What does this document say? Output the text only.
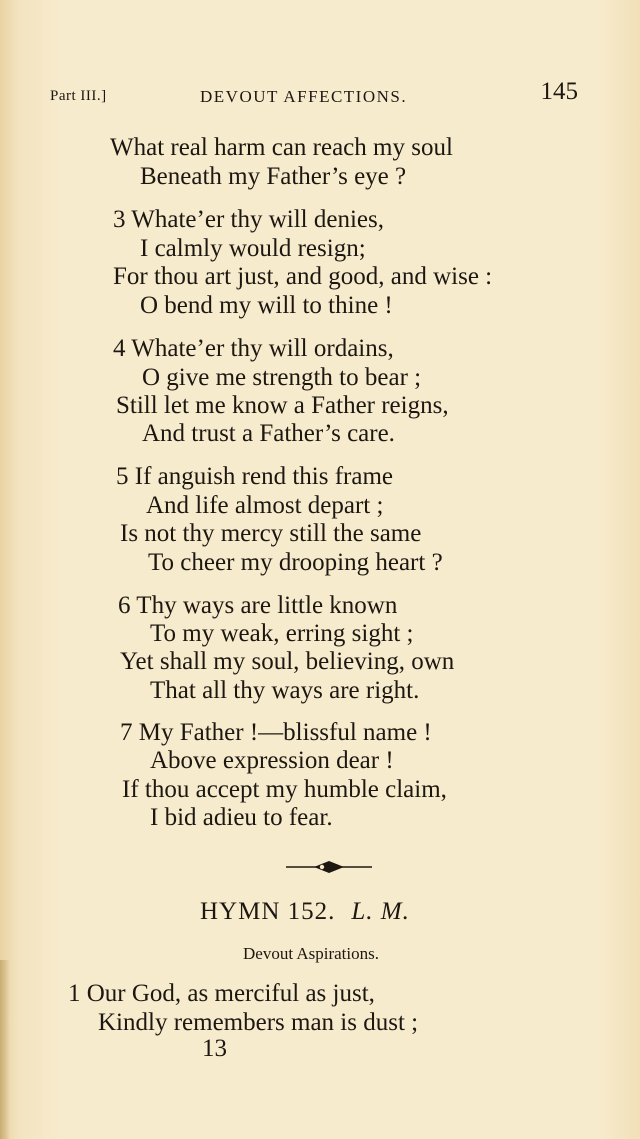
Part III.]	DEVOUT AFFECTIONS.	145
What real harm can reach my soul
Beneath my Father’s eye ?
3 Whate’er thy will denies,
I calmly would resign;
For thou art just, and good, and wise :
O bend my will to thine !
4 Whate’er thy will ordains,
O give me strength to bear ;
Still let me know a Father reigns,
And trust a Father’s care.
5 If anguish rend this frame
And life almost depart ;
Is not thy mercy still the same
To cheer my drooping heart ?
6 Thy ways are little known
To my weak, erring sight ;
Yet shall my soul, believing, own
That all thy ways are right.
7 My Father !—blissful name !
Above expression dear !
If thou accept my humble claim,
I bid adieu to fear.
HYMN 152. L. M.
Devout Aspirations.
1 Our God, as merciful as just,
Kindly remembers man is dust ;
13
